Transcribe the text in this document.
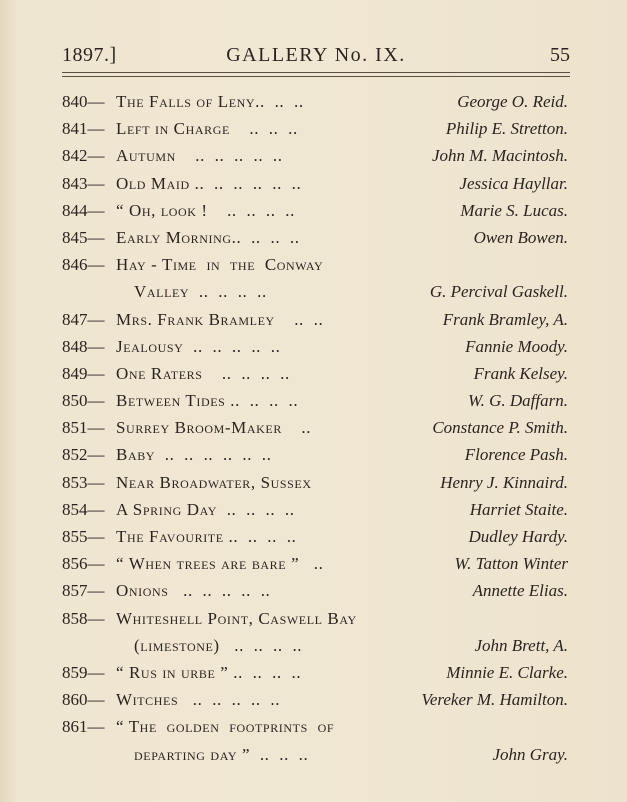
1897.]	GALLERY No. IX.	55
840— The Falls of Leny..  ..  ..	George O. Reid.
841— Left in Charge    ..  ..  ..	Philip E. Stretton.
842— Autumn    ..  ..  ..  ..  ..	John M. Macintosh.
843— Old Maid ..  ..  ..  ..  ..  ..	Jessica Hayllar.
844— “ Oh, look !    ..  ..  ..  ..	Marie S. Lucas.
845— Early Morning..  ..  ..  ..	Owen Bowen.
846— Hay - Time  in  the  Conway
Valley  ..  ..  ..  ..	G. Percival Gaskell.
847— Mrs. Frank Bramley    ..  ..	Frank Bramley, A.
848— Jealousy  ..  ..  ..  ..  ..	Fannie Moody.
849— One Raters    ..  ..  ..  ..	Frank Kelsey.
850— Between Tides ..  ..  ..  ..	W. G. Daffarn.
851— Surrey Broom-Maker    ..	Constance P. Smith.
852— Baby  ..  ..  ..  ..  ..  ..	Florence Pash.
853— Near Broadwater, Sussex	Henry J. Kinnaird.
854— A Spring Day  ..  ..  ..  ..	Harriet Staite.
855— The Favourite ..  ..  ..  ..	Dudley Hardy.
856— “ When trees are bare ”   ..	W. Tatton Winter
857— Onions   ..  ..  ..  ..  ..	Annette Elias.
858— Whiteshell Point, Caswell Bay
(limestone)   ..  ..  ..  ..	John Brett, A.
859— “ Rus in urbe ” ..  ..  ..  ..	Minnie E. Clarke.
860— Witches   ..  ..  ..  ..  ..	Vereker M. Hamilton.
861— “ The  golden  footprints  of
departing day ”  ..  ..  ..	John Gray.
